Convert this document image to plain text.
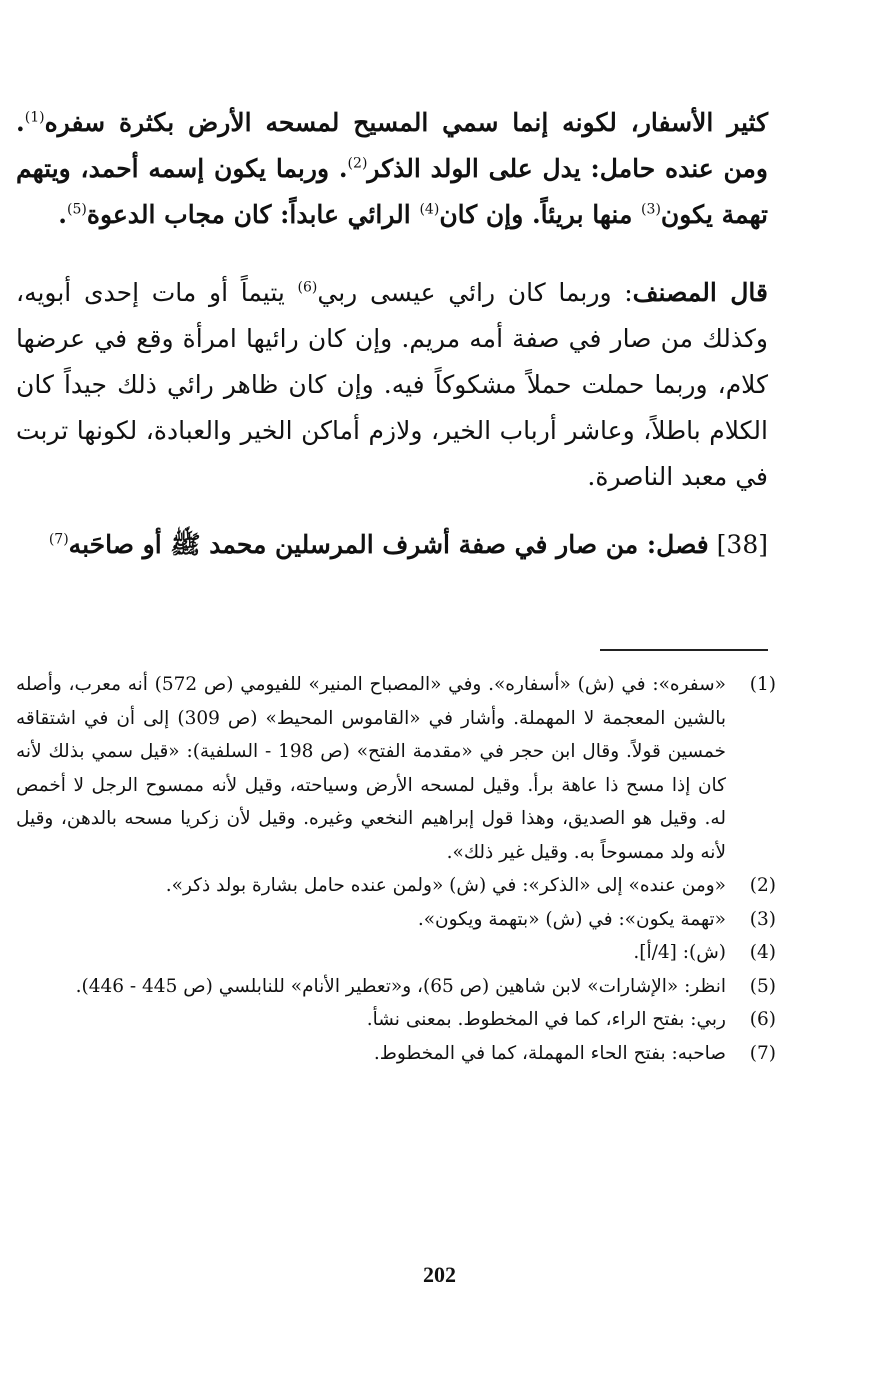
كثير الأسفار، لكونه إنما سمي المسيح لمسحه الأرض بكثرة سفره$^{(1)}$. ومن عنده حامل: يدل على الولد الذكر$^{(2)}$. وربما يكون إسمه أحمد، ويتهم تهمة يكون$^{(3)}$ منها بريئاً. وإن كان$^{(4)}$ الرائي عابداً: كان مجاب الدعوة$^{(5)}$.

قال المصنف: وربما كان رائي عيسى ربي$^{(6)}$ يتيماً أو مات إحدى أبويه، وكذلك من صار في صفة أمه مريم. وإن كان رائيها امرأة وقع في عرضها كلام، وربما حملت حملاً مشكوكاً فيه. وإن كان ظاهر رائي ذلك جيداً كان الكلام باطلاً، وعاشر أرباب الخير، ولازم أماكن الخير والعبادة، لكونها تربت في معبد الناصرة.

[38] فصل: من صار في صفة أشرف المرسلين محمد ﷺ أو صاحَبه$^{(7)}$

(1)
«سفره»: في (ش) «أسفاره». وفي «المصباح المنير» للفيومي (ص 572) أنه معرب، وأصله بالشين المعجمة لا المهملة. وأشار في «القاموس المحيط» (ص 309) إلى أن في اشتقاقه خمسين قولاً. وقال ابن حجر في «مقدمة الفتح» (ص 198 - السلفية): «قيل سمي بذلك لأنه كان إذا مسح ذا عاهة برأ. وقيل لمسحه الأرض وسياحته، وقيل لأنه ممسوح الرجل لا أخمص له. وقيل هو الصديق، وهذا قول إبراهيم النخعي وغيره. وقيل لأن زكريا مسحه بالدهن، وقيل لأنه ولد ممسوحاً به. وقيل غير ذلك».
(2)
«ومن عنده» إلى «الذكر»: في (ش) «ولمن عنده حامل بشارة بولد ذكر».
(3)
«تهمة يكون»: في (ش) «بتهمة ويكون».
(4)
(ش): [4/أ].
(5)
انظر: «الإشارات» لابن شاهين (ص 65)، و«تعطير الأنام» للنابلسي (ص 445 - 446).
(6)
ربي: بفتح الراء، كما في المخطوط. بمعنى نشأ.
(7)
صاحبه: بفتح الحاء المهملة، كما في المخطوط.
202
